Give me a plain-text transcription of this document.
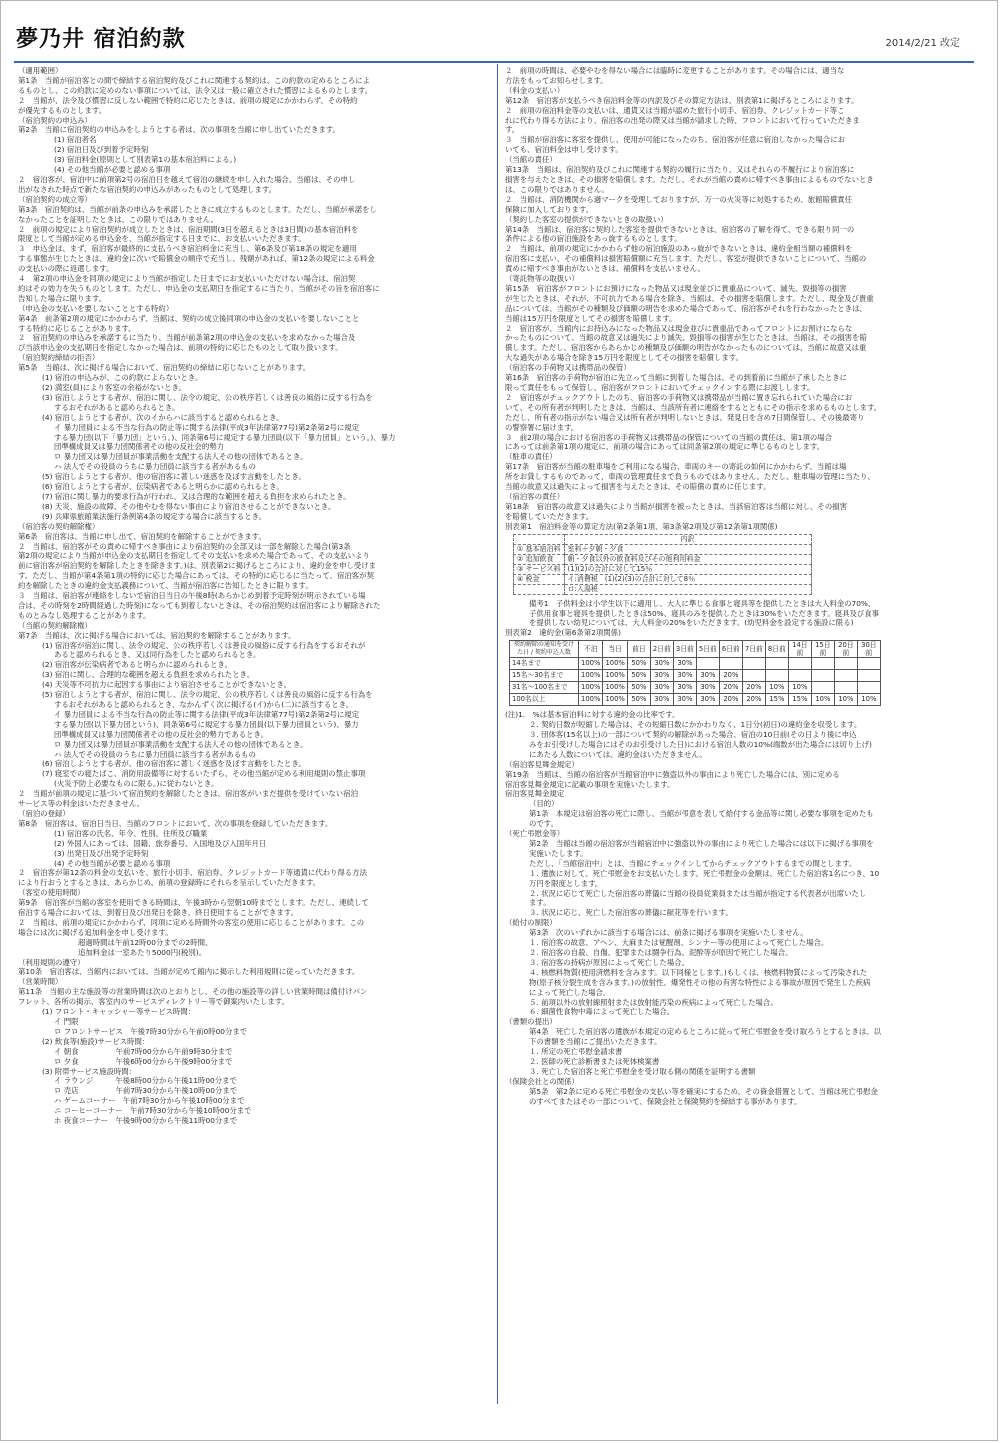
夢乃井 宿泊約款	2014/2/21 改定
（適用範囲）
第1条　当館が宿泊客との間で締結する宿泊契約及びこれに関連する契約は、この約款の定めるところによ
るものとし、この約款に定めのない事項については、法令又は一般に確立された慣習によるものとします。
２　当館が、法令及び慣習に反しない範囲で特約に応じたときは、前項の規定にかかわらず、その特約
が優先するものとします。
（宿泊契約の申込み）
第2条　当館に宿泊契約の申込みをしようとする者は、次の事項を当館に申し出ていただきます。
(1) 宿泊者名
(2) 宿泊日及び到着予定時刻
(3) 宿泊料金(原則として別表第1の基本宿泊料による。)
(4) その他当館が必要と認める事項
２　宿泊客が、宿泊中に前項第2号の宿泊日を越えて宿泊の継続を申し入れた場合、当館は、その申し
出がなされた時点で新たな宿泊契約の申込みがあったものとして処理します。
（宿泊契約の成立等）
第3条　宿泊契約は、当館が前条の申込みを承諾したときに成立するものとします。ただし、当館が承諾をし
なかったことを証明したときは、この限りではありません。
２　前項の規定により宿泊契約が成立したときは、宿泊期間(3日を超えるときは3日間)の基本宿泊料を
限度として当館が定める申込金を、当館が指定する日までに、お支払いいただきます。
３　申込金は、まず、宿泊客が最終的に支払うべき宿泊料金に充当し、第6条及び第18条の規定を適用
する事態が生じたときは、違約金に次いで賠償金の順序で充当し、残額があれば、第12条の規定による料金
の支払いの際に返還します。
４　第2項の申込金を同項の規定により当館が指定した日までにお支払いいただけない場合は、宿泊契
約はその効力を失うものとします。ただし、申込金の支払期日を指定するに当たり、当館がその旨を宿泊客に
告知した場合に限ります。
（申込金の支払いを要しないこととする特約）
第4条　前条第2項の規定にかかわらず、当館は、契約の成立後同項の申込金の支払いを要しないことと
する特約に応じることがあります。
２　宿泊契約の申込みを承諾するに当たり、当館が前条第2項の申込金の支払いを求めなかった場合及
び当該申込金の支払期日を指定しなかった場合は、前項の特約に応じたものとして取り扱います。
（宿泊契約締結の拒否）
第5条　当館は、次に掲げる場合において、宿泊契約の締結に応じないことがあります。
(1) 宿泊の申込みが、この約款によらないとき。
(2) 満室(員)により客室の余裕がないとき。
(3) 宿泊しようとする者が、宿泊に関し、法令の規定、公の秩序若しくは善良の風俗に反する行為を
するおそれがあると認められるとき。
(4) 宿泊しようとする者が、次のイからハに該当すると認められるとき。
イ 暴力団員による不当な行為の防止等に関する法律(平成3年法律第77号)第2条第2号に規定
する暴力団(以下「暴力団」という。)、同条第6号に規定する暴力団員(以下「暴力団員」という。)、暴力
団準構成員又は暴力団関係者その他の反社会的勢力
ロ 暴力団又は暴力団員が事業活動を支配する法人その他の団体であるとき。
ハ 法人でその役員のうちに暴力団員に該当する者があるもの
(5) 宿泊しようとする者が、他の宿泊客に著しい迷惑を及ぼす言動をしたとき。
(6) 宿泊しようとする者が、伝染病者であると明らかに認められるとき。
(7) 宿泊に関し暴力的要求行為が行われ、又は合理的な範囲を超える負担を求められたとき。
(8) 天災、施設の故障、その他やむを得ない事由により宿泊させることができないとき。
(9) 兵庫県旅館業法施行条例第4条の規定する場合に該当するとき。
（宿泊客の契約解除権）
第6条　宿泊客は、当館に申し出て、宿泊契約を解除することができます。
２　当館は、宿泊客がその責めに帰すべき事由により宿泊契約の全部又は一部を解除した場合(第3条
第2項の規定により当館が申込金の支払期日を指定してその支払いを求めた場合であって、その支払いより
前に宿泊客が宿泊契約を解除したときを除きます。)は、別表第2に掲げるところにより、違約金を申し受けま
す。ただし、当館が第4条第1項の特約に応じた場合にあっては、その特約に応じるに当たって、宿泊客が契
約を解除したときの違約金支払義務について、当館が宿泊客に告知したときに限ります。
３　当館は、宿泊客が連絡をしないで宿泊日当日の午後8時(あらかじめ到着予定時刻が明示されている場
合は、その時刻を2時間経過した時刻)になっても到着しないときは、その宿泊契約は宿泊客により解除された
ものとみなし処理することがあります。
（当館の契約解除権）
第7条　当館は、次に掲げる場合においては、宿泊契約を解除することがあります。
(1) 宿泊客が宿泊に関し、法令の規定、公の秩序若しくは善良の風俗に反する行為をするおそれが
あると認められるとき、又は同行為をしたと認められるとき。
(2) 宿泊客が伝染病者であると明らかに認められるとき。
(3) 宿泊に関し、合理的な範囲を超える負担を求められたとき。
(4) 天災等不可抗力に起因する事由により宿泊させることができないとき。
(5) 宿泊しようとする者が、宿泊に関し、法令の規定、公の秩序若しくは善良の風俗に反する行為を
するおそれがあると認められるとき、なかんずく次に掲げる(イ)から(二)に該当するとき。
イ 暴力団員による不当な行為の防止等に関する法律(平成3年法律第77号)第2条第2号に規定
する暴力団(以下暴力団という)、同条第6号に規定する暴力団員(以下暴力団員という)、暴力
団準構成員又は暴力団関係者その他の反社会的勢力であるとき。
ロ 暴力団又は暴力団員が事業活動を支配する法人その他の団体であるとき。
ハ 法人でその役員のうちに暴力団員に該当する者があるもの
(6) 宿泊しようとする者が、他の宿泊客に著しく迷惑を及ぼす言動をしたとき。
(7) 寝室での寝たばこ、消防用設備等に対するいたずら、その他当館が定める利用規則の禁止事項
(火災予防上必要なものに限る。)に従わないとき。
２　当館が前項の規定に基づいて宿泊契約を解除したときは、宿泊客がいまだ提供を受けていない宿泊
サービス等の料金はいただきません。
（宿泊の登録）
第8条　宿泊客は、宿泊日当日、当館のフロントにおいて、次の事項を登録していただきます。
(1) 宿泊客の氏名、年令、性別、住所及び職業
(2) 外国人にあっては、国籍、旅券番号、入国地及び入国年月日
(3) 出発日及び出発予定時刻
(4) その他当館が必要と認める事項
２　宿泊客が第12条の料金の支払いを、旅行小切手、宿泊券、クレジットカード等通貨に代わり得る方法
により行おうとするときは、あらかじめ、前項の登録時にそれらを呈示していただきます。
（客室の使用時間）
第9条　宿泊客が当館の客室を使用できる時間は、午後3時から翌朝10時までとします。ただし、連続して
宿泊する場合においては、到着日及び出発日を除き、終日使用することができます。
２　当館は、前項の規定にかかわらず、同項に定める時間外の客室の使用に応じることがあります。この
場合には次に掲げる追加料金を申し受けます。
超過時間は午前12時00分までの2時間、
追加料金は一室あたり5000円(税別)。
（利用規則の遵守）
第10条　宿泊客は、当館内においては、当館が定めて館内に掲示した利用規則に従っていただきます。
（営業時間）
第11条　当館の主な施設等の営業時間は次のとおりとし、その他の施設等の詳しい営業時間は備付けパン
フレット、各所の掲示、客室内のサービスディレクトリー等で御案内いたします。
(1) フロント・キャッシャー等サービス時間：
イ 門限
ロ フロントサービス　午後7時30分から午前0時00分まで
(2) 飲食等(施設)サービス時間：
イ 朝食　　　　　午前7時00分から午前9時30分まで
ロ 夕食　　　　　午後6時00分から午後9時00分まで
(3) 附帯サービス施設時間：
イ ラウンジ　　　午後8時00分から午後11時00分まで
ロ 売店　　　　　午前7時30分から午後10時00分まで
ハ ゲームコーナー　午前7時30分から午後10時00分まで
ニ コーヒーコーナー　午前7時30分から午後10時00分まで
ホ 夜食コーナー　午後9時00分から午後11時00分まで
２　前項の時間は、必要やむを得ない場合には臨時に変更することがあります。その場合には、適当な
方法をもってお知らせします。
（料金の支払い）
第12条　宿泊客が支払うべき宿泊料金等の内訳及びその算定方法は、別表第1に掲げるところによります。
２　前項の宿泊料金等の支払いは、通貨又は当館が認めた旅行小切手、宿泊券、クレジットカード等こ
れに代わり得る方法により、宿泊客の出発の際又は当館が請求した時、フロントにおいて行っていただきま
す。
３　当館が宿泊客に客室を提供し、使用が可能になったのち、宿泊客が任意に宿泊しなかった場合にお
いても、宿泊料金は申し受けます。
（当館の責任）
第13条　当館は、宿泊契約及びこれに関連する契約の履行に当たり、又はそれらの不履行により宿泊客に
損害を与えたときは、その損害を賠償します。ただし、それが当館の責めに帰すべき事由によるものでないとき
は、この限りではありません。
２　当館は、消防機関から適マークを受理しておりますが、万一の火災等に対処するため、旅館賠償責任
保険に加入しております。
（契約した客室の提供ができないときの取扱い）
第14条　当館は、宿泊客に契約した客室を提供できないときは、宿泊客の了解を得て、できる限り同一の
条件による他の宿泊施設をあっ旋するものとします。
２　当館は、前項の規定にかかわらず他の宿泊施設のあっ旋ができないときは、違約金相当額の補償料を
宿泊客に支払い、その補償料は損害賠償額に充当します。ただし、客室が提供できないことについて、当館の
責めに帰すべき事由がないときは、補償料を支払いません。
（寄託物等の取扱い）
第15条　宿泊客がフロントにお預けになった物品又は現金並びに貴重品について、滅失、毀損等の損害
が生じたときは、それが、不可抗力である場合を除き、当館は、その損害を賠償します。ただし、現金及び貴重
品については、当館がその種類及び価額の明告を求めた場合であって、宿泊客がそれを行わなかったときは、
当館は15万円を限度としてその損害を賠償します。
２　宿泊客が、当館内にお持込みになった物品又は現金並びに貴重品であってフロントにお預けにならな
かったものについて、当館の故意又は過失により滅失、毀損等の損害が生じたときは、当館は、その損害を賠
償します。ただし、宿泊客からあらかじめ種類及び価額の明告がなかったものについては、当館に故意又は重
大な過失がある場合を除き15万円を限度としてその損害を賠償します。
（宿泊客の手荷物又は携帯品の保管）
第16条　宿泊客の手荷物が宿泊に先立って当館に到着した場合は、その到着前に当館が了承したときに
限って責任をもって保管し、宿泊客がフロントにおいてチェックインする際にお渡しします。
２　宿泊客がチェックアウトしたのち、宿泊客の手荷物又は携帯品が当館に置き忘れられていた場合にお
いて、その所有者が判明したときは、当館は、当該所有者に連絡をするとともにその指示を求めるものとします。
ただし、所有者の指示がない場合又は所有者が判明しないときは、発見日を含め7日間保管し、その後最寄り
の警察署に届けます。
３　前2項の場合における宿泊客の手荷物又は携帯品の保管についての当館の責任は、第1項の場合
にあっては前条第1項の規定に、前項の場合にあっては同条第2項の規定に準じるものとします。
（駐車の責任）
第17条　宿泊客が当館の駐車場をご利用になる場合、車両のキーの寄託の如何にかかわらず、当館は場
所をお貸しするものであって、車両の管理責任まで負うものではありません。ただし、駐車場の管理に当たり、
当館の故意又は過失によって損害を与えたときは、その賠償の責めに任じます。
（宿泊客の責任）
第18条　宿泊客の故意又は過失により当館が損害を被ったときは、当該宿泊客は当館に対し、その損害
を賠償していただきます。
別表第1　宿泊料金等の算定方法(第2条第1項、第3条第2項及び第12条第1項関係)
	内訳
① 基本宿泊料	室料＋夕朝・夕食
② 追加飲食	朝・夕食以外の飲食料及びその他利用料金
③ サービス料	(1)(2)の合計に対して15％
④ 税金	イ:消費税　(1)(2)(3)の合計に対して8％
	ロ:入湯税
備考1　子供料金は小学生以下に適用し、大人に準じる食事と寝具等を提供したときは大人料金の70%、
子供用食事と寝具を提供したときは50%、寝具のみを提供したときは30%をいただきます。寝具及び食事
を提供しない幼児については、大人料金の20%をいただきます。(幼児料金を設定する施設に限る)
別表第2　違約金(第6条第2項関係)
契約解除の通知を受けた日 / 契約申込人数	不泊	当日	前日	2日前	3日前	5日前	6日前	7日前	8日前	14日前	15日前	20日前	30日前
14名まで	100%	100%	50%	30%	30%								
15名～30名まで	100%	100%	50%	30%	30%	30%	20%						
31名～100名まで	100%	100%	50%	30%	30%	30%	20%	20%	10%	10%			
100名以上	100%	100%	50%	30%	30%	30%	20%	20%	15%	15%	10%	10%	10%
(注)1.　%は基本宿泊料に対する違約金の比率です。
２. 契約日数が短縮した場合は、その短縮日数にかかわりなく、1日分(初日)の違約金を収受します。
３. 団体客(15名以上)の一部について契約の解除があった場合、宿泊の10日前(その日より後に申込
みをお引受けした場合にはそのお引受けした日)における宿泊人数の10%(端数が出た場合には切り上げ)
にあたる人数については、違約金はいただきません。
（宿泊客見舞金規定）
第19条　当館は、当館の宿泊客が当館宿泊中に強盗以外の事由により死亡した場合には、別に定める
宿泊客見舞金規定に記載の事項を実施いたします。
宿泊客見舞金規定
（目的）
第1条　本規定は宿泊客の死亡に際し、当館が弔意を表して給付する金品等に関し必要な事項を定めたも
のです。
（死亡弔慰金等）
第2条　当館は当館の宿泊客が当館宿泊中に強盗以外の事由により死亡した場合には以下に掲げる事項を
実施いたします。
ただし、「当館宿泊中」とは、当館にチェックインしてからチェックアウトするまでの間とします。
１. 遺族に対して、死亡弔慰金をお支払いたします。死亡弔慰金の金額は、死亡した宿泊客1名につき、10
万円を限度とします。
２. 状況に応じて死亡した宿泊客の葬儀に当館の役員従業員または当館が指定する代表者が出席いたし
ます。
３. 状況に応じ、死亡した宿泊客の葬儀に献花等を行います。
（給付の制限）
第3条　次のいずれかに該当する場合には、前条に掲げる事項を実施いたしません。
１. 宿泊客の故意、アヘン、大麻または覚醒剤、シンナー等の使用によって死亡した場合。
２. 宿泊客の自殺、自傷、犯罪または闘争行為、泥酔等が原因で死亡した場合。
３. 宿泊客の持病が原因によって死亡した場合。
４. 核燃料物質(使用済燃料を含みます。以下同様とします。)もしくは、核燃料物質によって汚染された
物(原子核分裂生成を含みます。)の放射性、爆発性その他の有害な特性による事故が原因で発生した疾病
によって死亡した場合。
５. 前項以外の放射線照射または放射能汚染の疾病によって死亡した場合。
６. 細菌性食物中毒によって死亡した場合。
（書類の提出）
第4条　死亡した宿泊客の遺族が本規定の定めるところに従って死亡弔慰金を受け取ろうとするときは、以
下の書類を当館にご提出いただきます。
１. 所定の死亡弔慰金請求書
２. 医師の死亡診断書または死体検案書
３. 死亡した宿泊客と死亡弔慰金を受け取る側の関係を証明する書類
（保険会社との関係）
第5条　第2条に定める死亡弔慰金の支払い等を確実にするため、その資金措置として、当館は死亡弔慰金
のすべてまたはその一部について、保険会社と保険契約を締結する事があります。
